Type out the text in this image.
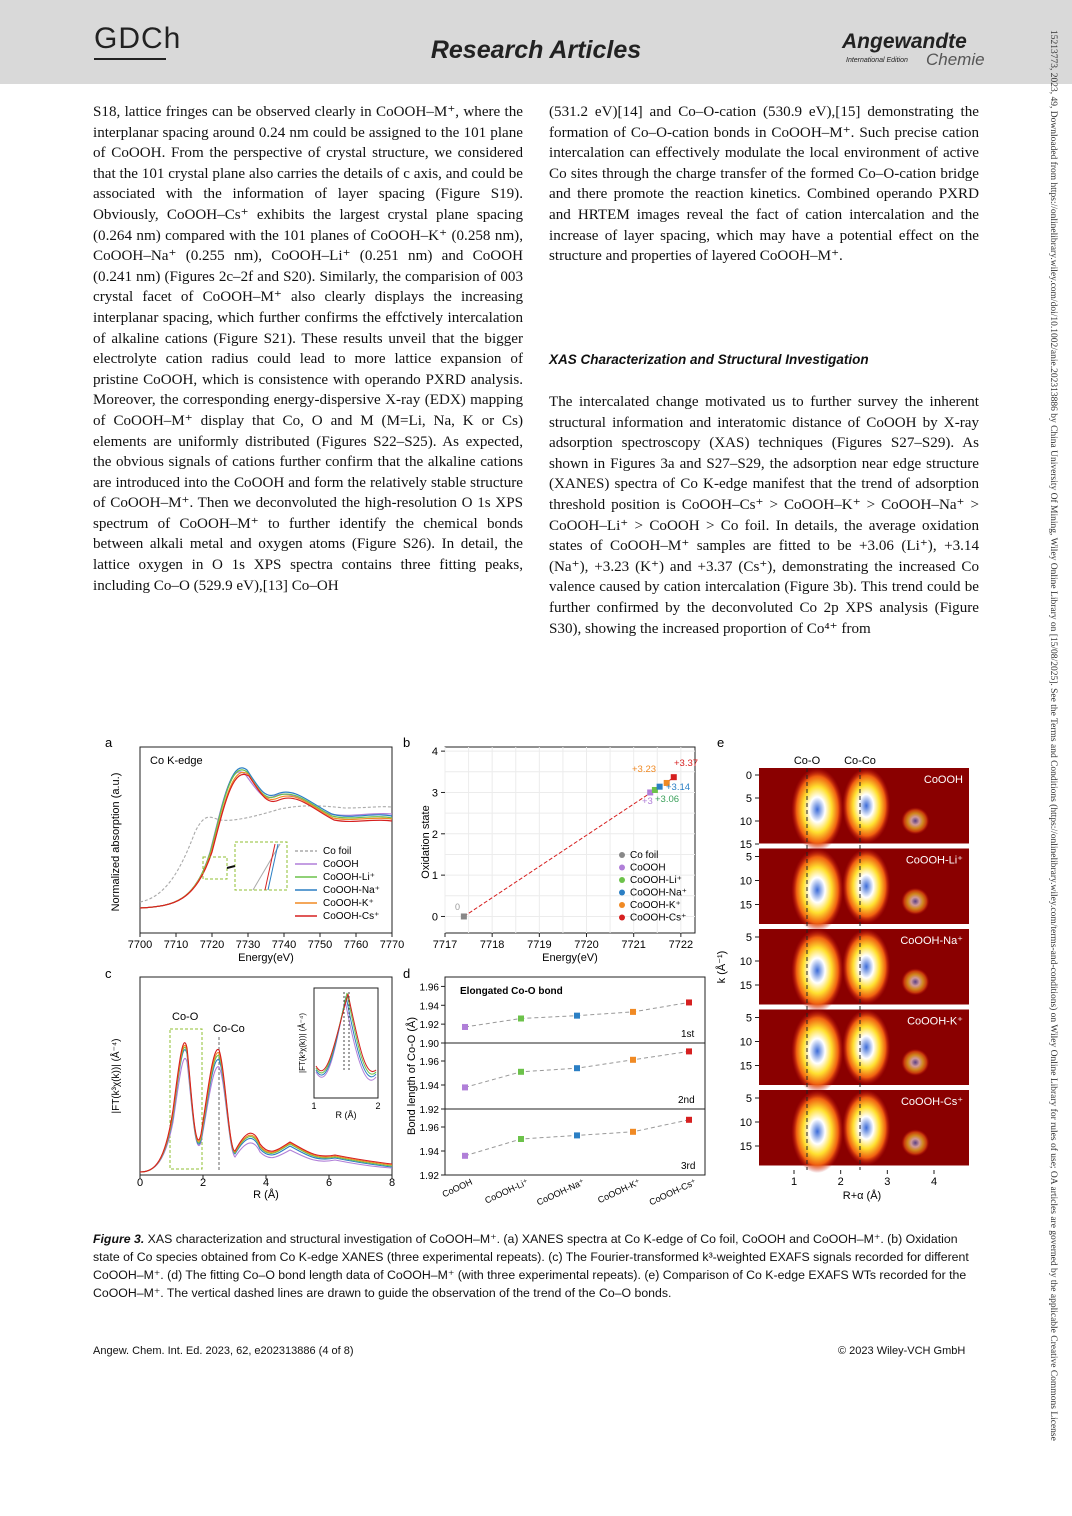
GDCh	Research Articles	Angewandte
International Edition Chemie	15213773, 2023, 49, Downloaded from https://onlinelibrary.wiley.com/doi/10.1002/anie.202313886 by China University Of Mining, Wiley Online Library on [15/08/2025]. See the Terms and Conditions (https://onlinelibrary.wiley.com/terms-and-conditions) on Wiley Online Library for rules of use; OA articles are governed by the applicable Creative Commons License

S18, lattice fringes can be observed clearly in CoOOH–M⁺, where the interplanar spacing around 0.24 nm could be assigned to the 101 plane of CoOOH. From the perspective of crystal structure, we considered that the 101 crystal plane also carries the details of c axis, and could be associated with the information of layer spacing (Figure S19). Obviously, CoOOH–Cs⁺ exhibits the largest crystal plane spacing (0.264 nm) compared with the 101 planes of CoOOH–K⁺ (0.258 nm), CoOOH–Na⁺ (0.255 nm), CoOOH–Li⁺ (0.251 nm) and CoOOH (0.241 nm) (Figures 2c–2f and S20). Similarly, the comparision of 003 crystal facet of CoOOH–M⁺ also clearly displays the increasing interplanar spacing, which further confirms the effctively intercalation of alkaline cations (Figure S21). These results unveil that the bigger electrolyte cation radius could lead to more lattice expansion of pristine CoOOH, which is consistence with operando PXRD analysis. Moreover, the corresponding energy-dispersive X-ray (EDX) mapping of CoOOH–M⁺ display that Co, O and M (M=Li, Na, K or Cs) elements are uniformly distributed (Figures S22–S25). As expected, the obvious signals of cations further confirm that the alkaline cations are introduced into the CoOOH and form the relatively stable structure of CoOOH–M⁺. Then we deconvoluted the high-resolution O 1s XPS spectrum of CoOOH–M⁺ to further identify the chemical bonds between alkali metal and oxygen atoms (Figure S26). In detail, the lattice oxygen in O 1s XPS spectra contains three fitting peaks, including Co–O (529.9 eV),[13] Co–OH

(531.2 eV)[14] and Co–O-cation (530.9 eV),[15] demonstrating the formation of Co–O-cation bonds in CoOOH–M⁺. Such precise cation intercalation can effectively modulate the local environment of active Co sites through the charge transfer of the formed Co–O-cation bridge and there promote the reaction kinetics. Combined operando PXRD and HRTEM images reveal the fact of cation intercalation and the increase of layer spacing, which may have a potential effect on the structure and properties of layered CoOOH–M⁺.

XAS Characterization and Structural Investigation

The intercalated change motivated us to further survey the inherent structural information and interatomic distance of CoOOH by X-ray adsorption spectroscopy (XAS) techniques (Figures S27–S29). As shown in Figures 3a and S27–S29, the adsorption near edge structure (XANES) spectra of Co K-edge manifest that the trend of adsorption threshold position is CoOOH–Cs⁺ > CoOOH–K⁺ > CoOOH–Na⁺ > CoOOH–Li⁺ > CoOOH > Co foil. In details, the average oxidation states of CoOOH–M⁺ samples are fitted to be +3.06 (Li⁺), +3.14 (Na⁺), +3.23 (K⁺) and +3.37 (Cs⁺), demonstrating the increased Co valence caused by cation intercalation (Figure 3b). This trend could be further confirmed by the deconvoluted Co 2p XPS analysis (Figure S30), showing the increased proportion of Co⁴⁺ from

a	b
c	d
e
Co K-edge
Normalized absorption (a.u.)
Energy(eV)
7700 7710 7720 7730 7740 7750 7760 7770
Co foil
CoOOH
CoOOH-Li⁺
CoOOH-Na⁺
CoOOH-K⁺
CoOOH-Cs⁺
Oxidation state
Energy(eV)
7717 7718 7719 7720 7721 7722
0
1
2
3
4
0
+3.23
+3.37
+3.14
+3 +3.06
Co foil
CoOOH
CoOOH-Li⁺
CoOOH-Na⁺
CoOOH-K⁺
CoOOH-Cs⁺
|FT(k³χ(k))| (Å⁻⁴)
R (Å)
0	2	4	6	8
Co-O
Co-Co	|FT(k³χ(k))| (Å⁻⁴)
R (Å)
1	2 Bond length of Co-O (Å)
Elongated Co-O bond
1st
2nd
3rd
1.90
1.92
1.94
1.96
1.92
1.94
1.96
1.92
1.94
1.96
CoOOH CoOOH-Li⁺ CoOOH-Na⁺ CoOOH-K⁺ CoOOH-Cs⁺
Co-O Co-Co
k (Å⁻¹)
R+α (Å)
CoOOH
0
5
10
15
CoOOH-Li⁺
5
10
15
CoOOH-Na⁺
5
10
15
CoOOH-K⁺
5
10
15
CoOOH-Cs⁺
5
10
15
1	2	3	4
Figure 3. XAS characterization and structural investigation of CoOOH–M⁺. (a) XANES spectra at Co K-edge of Co foil, CoOOH and CoOOH–M⁺. (b) Oxidation state of Co species obtained from Co K-edge XANES (three experimental repeats). (c) The Fourier-transformed k³-weighted EXAFS signals recorded for different CoOOH–M⁺. (d) The fitting Co–O bond length data of CoOOH–M⁺ (with three experimental repeats). (e) Comparison of Co K-edge EXAFS WTs recorded for the CoOOH–M⁺. The vertical dashed lines are drawn to guide the observation of the trend of the Co–O bonds.
Angew. Chem. Int. Ed. 2023, 62, e202313886 (4 of 8)	© 2023 Wiley-VCH GmbH
